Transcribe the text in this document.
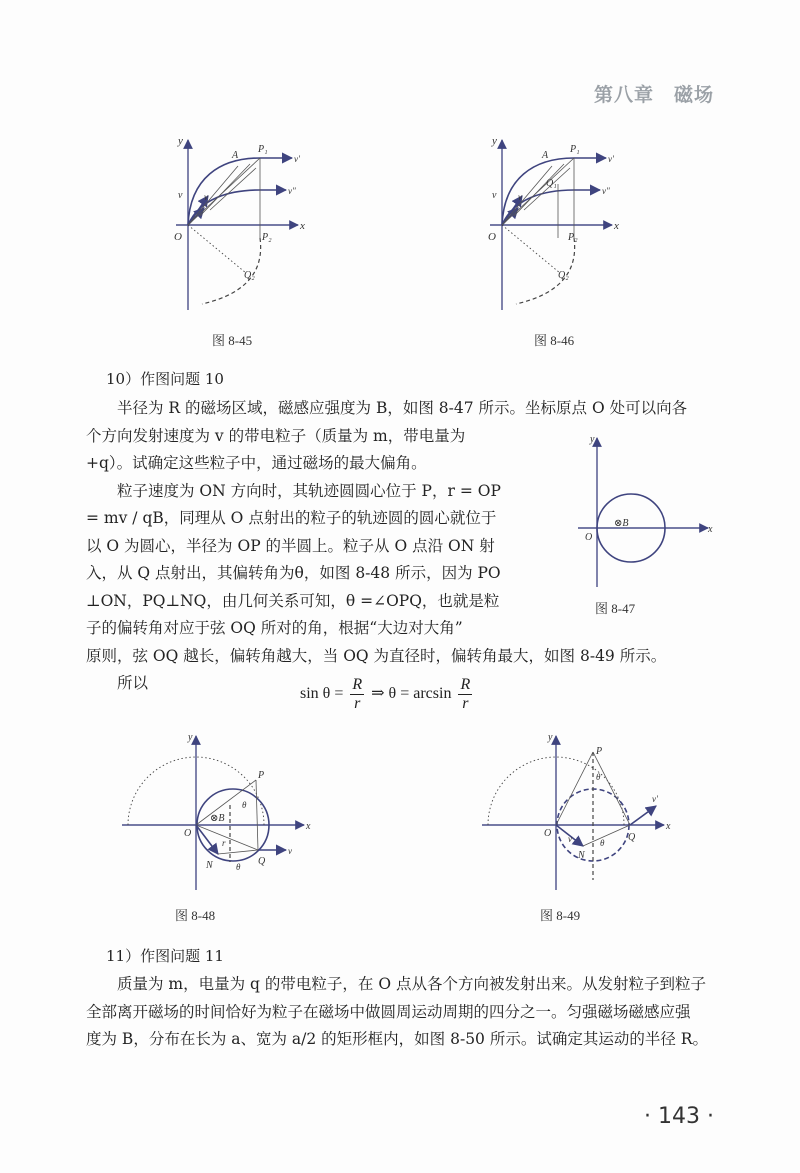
第八章　磁场
y
x
O
A
P₁
P₂
Q₂
v v
v'
v"
图 8-45
y
x
O
A
P₁
Q₁
P₂
Q₂
v v
v'
v"
图 8-46
10）作图问题 10

半径为 R 的磁场区域，磁感应强度为 B，如图 8-47 所示。坐标原点 O 处可以向各

个方向发射速度为 v 的带电粒子（质量为 m，带电量为

+q）。试确定这些粒子中，通过磁场的最大偏角。

粒子速度为 ON 方向时，其轨迹圆圆心位于 P，r = OP

= mv / qB，同理从 O 点射出的粒子的轨迹圆的圆心就位于

以 O 为圆心，半径为 OP 的半圆上。粒子从 O 点沿 ON 射

入，从 Q 点射出，其偏转角为θ，如图 8-48 所示，因为 PO

⊥ON，PQ⊥NQ，由几何关系可知，θ =∠OPQ，也就是粒

子的偏转角对应于弦 OQ 所对的角，根据“大边对大角”

原则，弦 OQ 越长，偏转角越大，当 OQ 为直径时，偏转角最大，如图 8-49 所示。

所以

y
x
O
⊗B
图 8-47
$\sin \theta = \frac{R}{r}$ ⇒ $\theta = \arcsin \frac{R}{r}$
y
x
O
⊗B
P
N	Q
v
r
θ
θ
图 8-48
y
x
O
P
N
Q
v
v'
θ
θ
图 8-49
11）作图问题 11

质量为 m，电量为 q 的带电粒子，在 O 点从各个方向被发射出来。从发射粒子到粒子

全部离开磁场的时间恰好为粒子在磁场中做圆周运动周期的四分之一。匀强磁场磁感应强

度为 B，分布在长为 a、宽为 a/2 的矩形框内，如图 8-50 所示。试确定其运动的半径 R。

· 143 ·
